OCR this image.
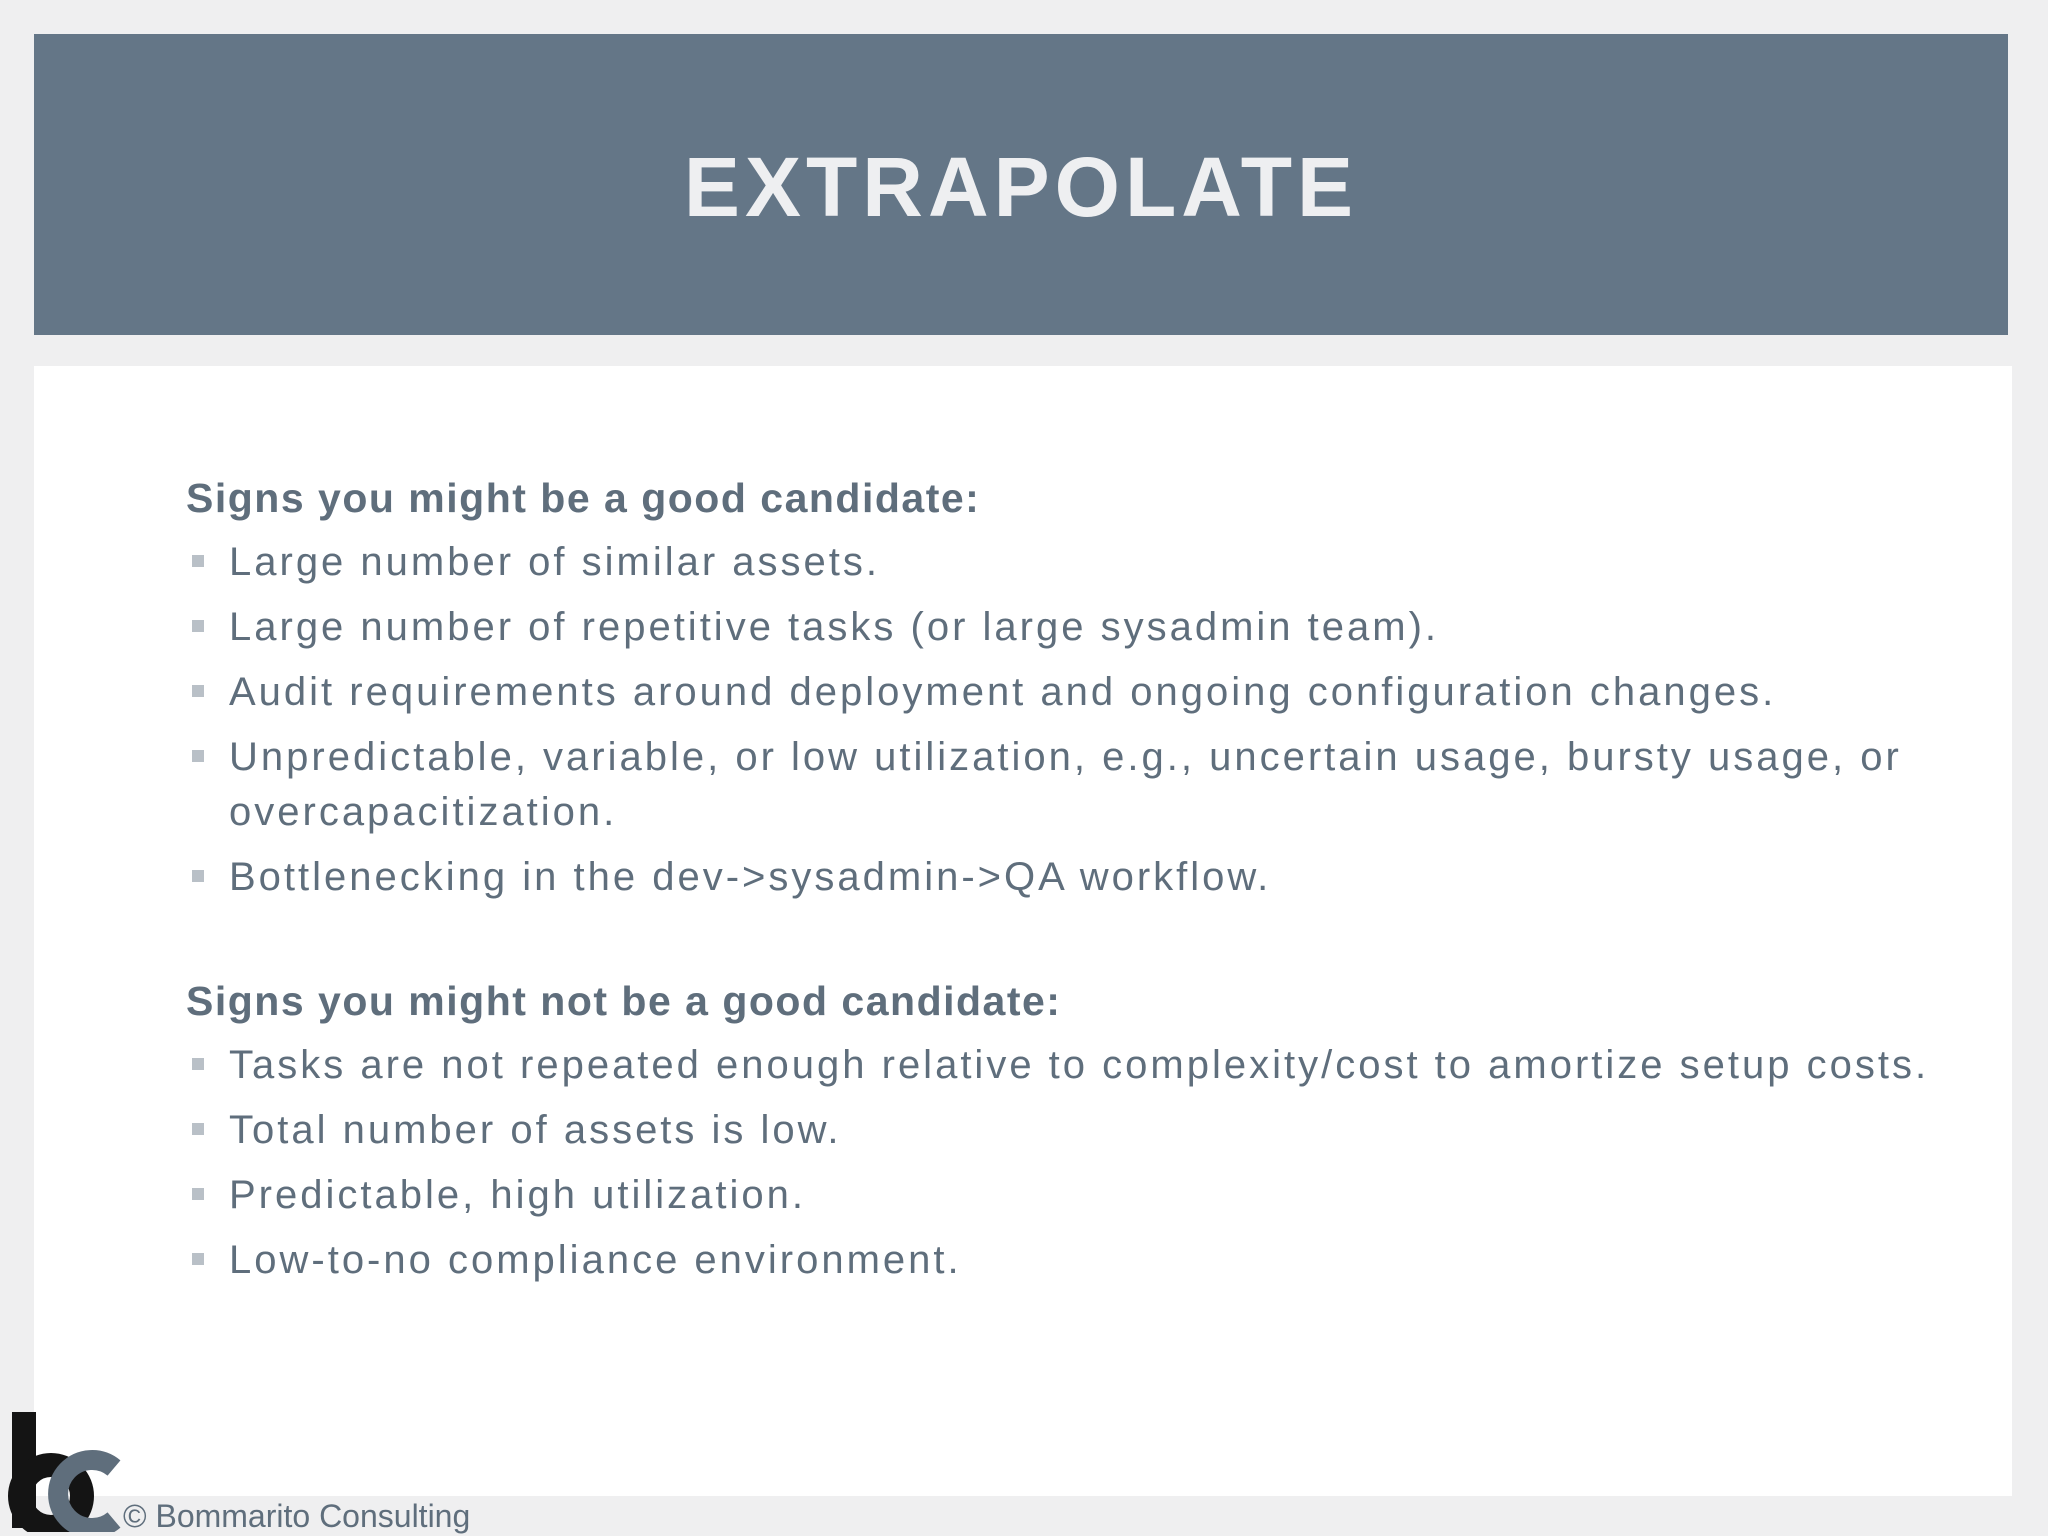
EXTRAPOLATE
Signs you might be a good candidate:
Large number of similar assets.
Large number of repetitive tasks (or large sysadmin team).
Audit requirements around deployment and ongoing configuration changes.
Unpredictable, variable, or low utilization, e.g., uncertain usage, bursty usage, or overcapacitization.
Bottlenecking in the dev->sysadmin->QA workflow.
Signs you might not be a good candidate:
Tasks are not repeated enough relative to complexity/cost to amortize setup costs.
Total number of assets is low.
Predictable, high utilization.
Low-to-no compliance environment.
© Bommarito Consulting
